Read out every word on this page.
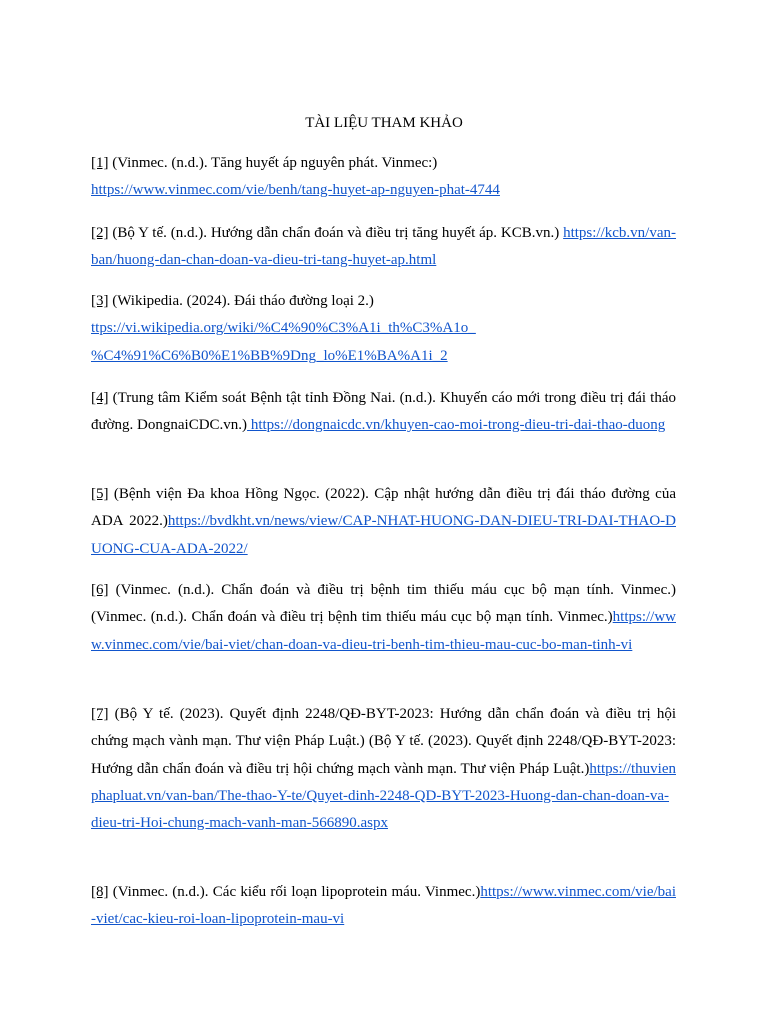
TÀI LIỆU THAM KHẢO

[1] (Vinmec. (n.d.). Tăng huyết áp nguyên phát. Vinmec:)
https://www.vinmec.com/vie/benh/tang-huyet-ap-nguyen-phat-4744

[2] (Bộ Y tế. (n.d.). Hướng dẫn chẩn đoán và điều trị tăng huyết áp. KCB.vn.) https://kcb.vn/van-ban/huong-dan-chan-doan-va-dieu-tri-tang-huyet-ap.html

[3] (Wikipedia. (2024). Đái tháo đường loại 2.)
ttps://vi.wikipedia.org/wiki/%C4%90%C3%A1i_th%C3%A1o_
%C4%91%C6%B0%E1%BB%9Dng_lo%E1%BA%A1i_2

[4] (Trung tâm Kiểm soát Bệnh tật tỉnh Đồng Nai. (n.d.). Khuyến cáo mới trong điều trị đái tháo đường. DongnaiCDC.vn.) https://dongnaicdc.vn/khuyen-cao-moi-trong-dieu-tri-dai-thao-duong

[5] (Bệnh viện Đa khoa Hồng Ngọc. (2022). Cập nhật hướng dẫn điều trị đái tháo đường của ADA 2022.)https://bvdkht.vn/news/view/CAP-NHAT-HUONG-DAN-DIEU-TRI-DAI-THAO-DUONG-CUA-ADA-2022/

[6] (Vinmec. (n.d.). Chẩn đoán và điều trị bệnh tim thiếu máu cục bộ mạn tính. Vinmec.) (Vinmec. (n.d.). Chẩn đoán và điều trị bệnh tim thiếu máu cục bộ mạn tính. Vinmec.)https://www.vinmec.com/vie/bai-viet/chan-doan-va-dieu-tri-benh-tim-thieu-mau-cuc-bo-man-tinh-vi

[7] (Bộ Y tế. (2023). Quyết định 2248/QĐ-BYT-2023: Hướng dẫn chẩn đoán và điều trị hội chứng mạch vành mạn. Thư viện Pháp Luật.) (Bộ Y tế. (2023). Quyết định 2248/QĐ-BYT-2023: Hướng dẫn chẩn đoán và điều trị hội chứng mạch vành mạn. Thư viện Pháp Luật.)https://thuvienphapluat.vn/van-ban/The-thao-Y-te/Quyet-dinh-2248-QD-BYT-2023-Huong-dan-chan-doan-va-dieu-tri-Hoi-chung-mach-vanh-man-566890.aspx

[8] (Vinmec. (n.d.). Các kiểu rối loạn lipoprotein máu. Vinmec.)https://www.vinmec.com/vie/bai-viet/cac-kieu-roi-loan-lipoprotein-mau-vi
